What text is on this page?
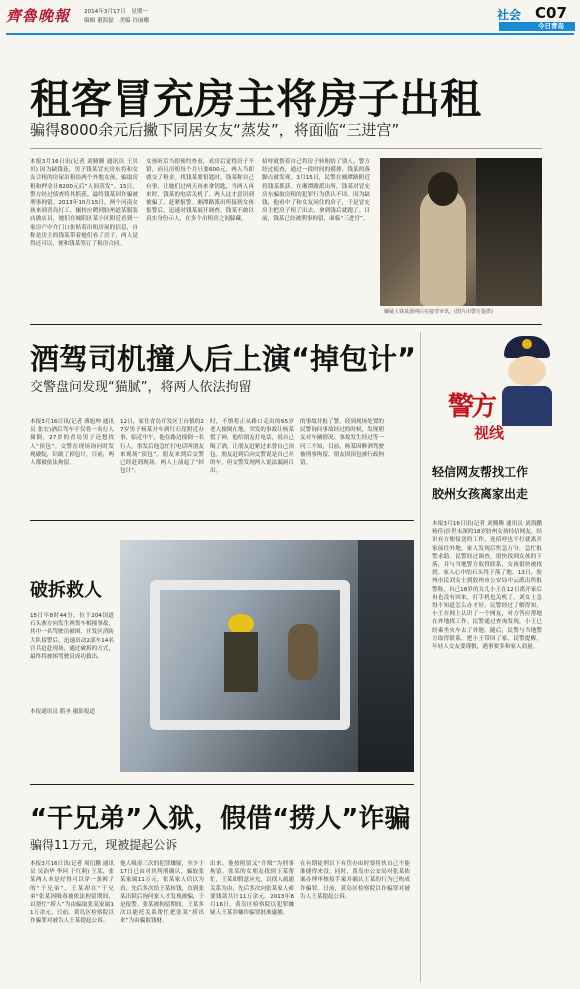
齊魯晚報 2014年3月17日　星期一
编辑 董海磊　美编 谷丽娜	社会 C07
今日青岛
租客冒充房主将房子出租
骗得8000余元后撇下同居女友“蒸发”，将面临“三进宫”
本报3月16日讯(记者 刘腾腾 通讯员 王贝贝) 因为缺钱花，男子钱某冒充房东将和女友合租的房屋出租给两个外地女孩，骗取房租和押金计8200元后“人间蒸发”。15日，警方经过侦查将其抓获。最终钱某因诈骗被刑事拘留。2013年10月15日，两个河南女孩来到青岛打工，辗转应聘到胶州道某服装店做店员，她们在城阳区某小区附近看到一家房产中介门口张贴着出租房屋的信息，自称是房主的钱某带着她们看了房子，两人觉得还可以，便和钱某签订了租房合同。
女孩听后当即预约查看，看房后觉得房子不错，而且房租每个月只要600元，两人当即就交了租金。找钱某要钥匙时，钱某称自己有事，让她们过两天再来拿钥匙，当两人再来时，钱某的电话关机了。两人这才意识到被骗了，赶紧报警。湘潭路派出所接到女孩报警后，迅速对钱某展开调查。钱某不敢以真实身份示人，在多个出租房之间躲藏。
招呼就帮着自己将房子转租给了别人。警方经过侦查，通过一段时间的摸排，钱某的落脚点被发现。3月15日，民警在湘潭路附近将钱某抓获。在湘潭路派出所，钱某对冒充房东骗取房租的犯罪行为供认不讳。因为缺钱，他看中了和女友同住的房子，于是冒充房主把房子租了出去，拿到钱后就跑了。目前，钱某已经被刑事拘留，面临“三进宫”。
嫌疑人钱某落网后在接受审讯。(图片由警方提供)
酒驾司机撞人后上演“掉包计”
交警盘问发现“猫腻”，将两人依法拘留
本报3月16日讯(记者 薄旭坤 通讯员 张宏)酒后驾车不仅将一名行人撞倒，27岁的青岛男子还想找人“顶包”。交警在现场询问时发现破绽，识破了掉包计，目前，两人都被依法拘留。
12日，家住青岛开发区王台镇的27岁男子杨某开车到红石崖附近办事，临近中午，他在路边撞倒一名行人。事发后他急忙打电话叫朋友来现场“顶包”。朋友来到后交警已经赶到现场，两人上演起了“掉包计”。
时，不慎将正从路口走出的65岁老人撞倒在地。突发的事故让杨某慌了神，他给朋友打电话，说自己喝了酒，让朋友赶紧过来替自己顶包。朋友赶到后向交警说是自己开的车，但交警发现两人说法漏洞百出。
的事故并报了警。经到现场处置的民警询问事故经过的时候，发现朋友对车辆情况、事故发生经过等一问三不知，目前，杨某因醉酒驾驶被刑事拘留，朋友因顶包被行政拘留。
警方
视线
轻信网友帮找工作
胶州女孩离家出走
本报3月16日讯(记者 刘腾腾 通讯员 刘海鹏 杨佳)涉世未深的18岁胶州女孩轻信网友，结识有方便接送的工作，连招呼也不打就离开家前往外地，家人发现后焦急万分，急忙报警求助。民警经过调查，很快找到女孩的下落，并与当地警方取得联系，女孩很快被找到，家人心中的石头终于落了地。13日，胶州市民刘女士到胶州市公安局中云派出所报警称，自己18岁的女儿小王在12日离开家后再也没有回来，打手机也关机了。刘女士急得不知道怎么办才好。民警经过了解得知，小王在网上认识了一个网友，对方答应帮她在外地找工作。民警通过查询发现，小王已经乘坐火车去了外地。随后，民警与当地警方取得联系，把小王带回了家。民警提醒，年轻人交友要谨慎，遇事要多和家人商量。
破拆救人
15日早8时44分，位于204国道石头寨方向发生两货车相撞事故，其中一名驾驶员被困，开发区消防大队接警后，迅速出动2部车14名官兵赶赴现场，通过破拆的方式，最终将被困驾驶员成功救出。
本报通讯员 隋圣 摄影报道
“干兄弟”入狱，假借“捞人”诈骗
骗得11万元，现被提起公诉
本报3月16日讯(记者 周衍鹏 通讯员 吴治华 李珂 于红莉) 王某、张某两人本是好得可以穿一条裤子的“干兄弟”，王某却在“干兄弟”张某因吸毒被依法拘留期间，以帮忙“捞人”为由骗取张某家属11万余元。日前，黄岛区检察院以诈骗罪对被告人王某提起公诉。
他人吸毒三次的犯罪嫌疑，至少于17日已由对其判刑确认，骗取张某家属11万元。张某家人信以为真，先后多次给王某转钱，直到张某出狱后询问家人才发现被骗，于是报警。张某被拘留期间，王某多次以能托关系帮忙把张某“捞出来”为由骗取钱财。
出来。他按照留又“升级”为刑事拘留。张某的女朋友找到王某帮忙，王某却假意应允，以找人疏通关系为由，先后多次向张某家人索要钱款共计11万余元。2013年8月16日，黄岛区检察院以犯罪嫌疑人王某涉嫌诈骗罪批准逮捕。
在有期徒刑以下有罚办由时要将伙自己不能准捷得来没，同时，黄岛市公安局对张某依案办理审核接手案并确认王某的行为已构成诈骗罪。日前，黄岛区检察院以诈骗罪对被告人王某提起公诉。
